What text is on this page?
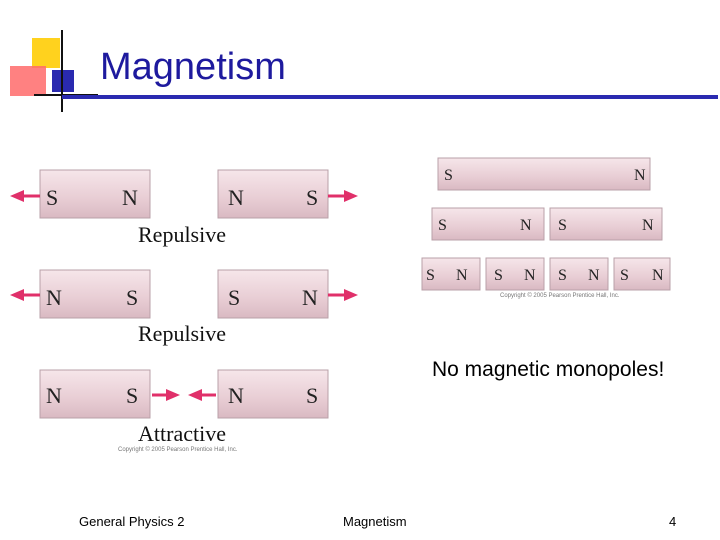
Magnetism
S	N	N	S
N	S	S	N
N	S	N	S
Repulsive
Repulsive
Attractive
Copyright © 2005 Pearson Prentice Hall, Inc.
S	N
S	N S	N
S N S N S N S N
Copyright © 2005 Pearson Prentice Hall, Inc.
No magnetic monopoles!
General Physics 2	Magnetism	4
